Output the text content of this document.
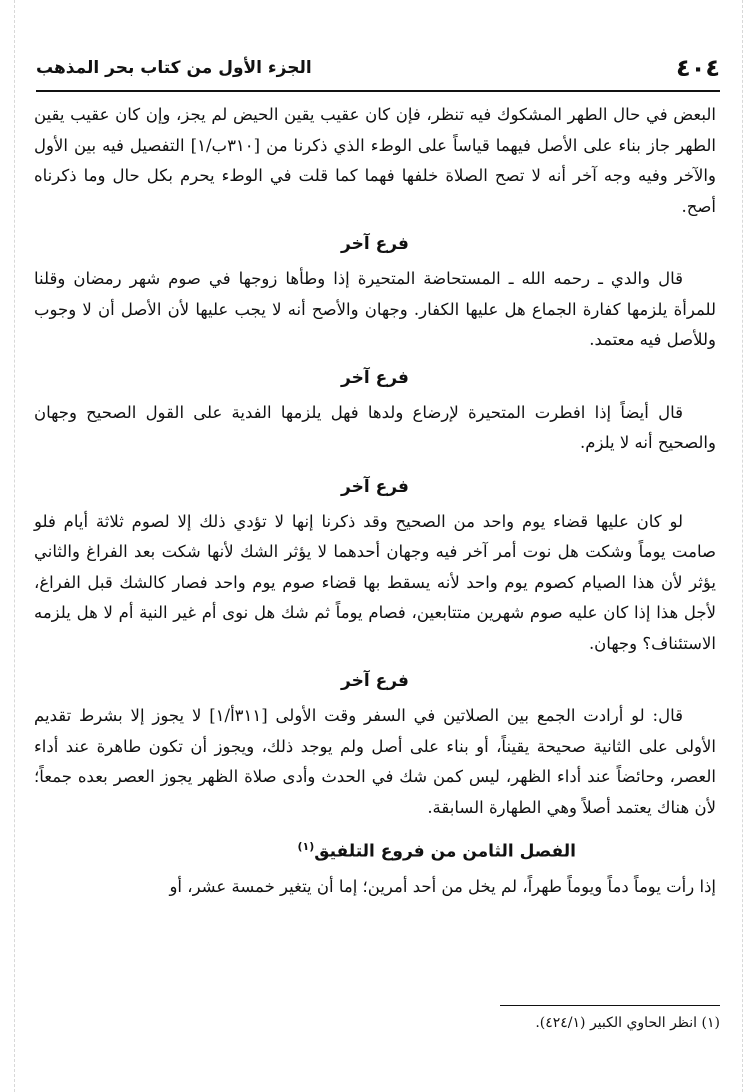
٤٠٤
الجزء الأول من كتاب بحر المذهب

البعض في حال الطهر المشكوك فيه تنظر، فإن كان عقيب يقين الحيض لم يجز، وإن كان عقيب يقين الطهر جاز بناء على الأصل فيهما قياساً على الوطء الذي ذكرنا من [٣١٠ب/١] التفصيل فيه بين الأول والآخر وفيه وجه آخر أنه لا تصح الصلاة خلفها فهما كما قلت في الوطء يحرم بكل حال وما ذكرناه أصح.

فرع آخر

قال والدي ـ رحمه الله ـ المستحاضة المتحيرة إذا وطأها زوجها في صوم شهر رمضان وقلنا للمرأة يلزمها كفارة الجماع هل عليها الكفار. وجهان والأصح أنه لا يجب عليها لأن الأصل أن لا وجوب وللأصل فيه معتمد.

فرع آخر

قال أيضاً إذا افطرت المتحيرة لإرضاع ولدها فهل يلزمها الفدية على القول الصحيح وجهان والصحيح أنه لا يلزم.

فرع آخر

لو كان عليها قضاء يوم واحد من الصحيح وقد ذكرنا إنها لا تؤدي ذلك إلا لصوم ثلاثة أيام فلو صامت يوماً وشكت هل نوت أمر آخر فيه وجهان أحدهما لا يؤثر الشك لأنها شكت بعد الفراغ والثاني يؤثر لأن هذا الصيام كصوم يوم واحد لأنه يسقط بها قضاء صوم يوم واحد فصار كالشك قبل الفراغ، لأجل هذا إذا كان عليه صوم شهرين متتابعين، فصام يوماً ثم شك هل نوى أم غير النية أم لا هل يلزمه الاستئناف؟ وجهان.

فرع آخر

قال: لو أرادت الجمع بين الصلاتين في السفر وقت الأولى [٣١١أ/١] لا يجوز إلا بشرط تقديم الأولى على الثانية صحيحة يقيناً، أو بناء على أصل ولم يوجد ذلك، ويجوز أن تكون طاهرة عند أداء العصر، وحائضاً عند أداء الظهر، ليس كمن شك في الحدث وأدى صلاة الظهر يجوز العصر بعده جمعاً؛ لأن هناك يعتمد أصلاً وهي الطهارة السابقة.

الفصل الثامن من فروع التلفيق$^{(١)}$

إذا رأت يوماً دماً ويوماً طهراً، لم يخل من أحد أمرين؛ إما أن يتغير خمسة عشر، أو

(١) انظر الحاوي الكبير (٤٢٤/١).
